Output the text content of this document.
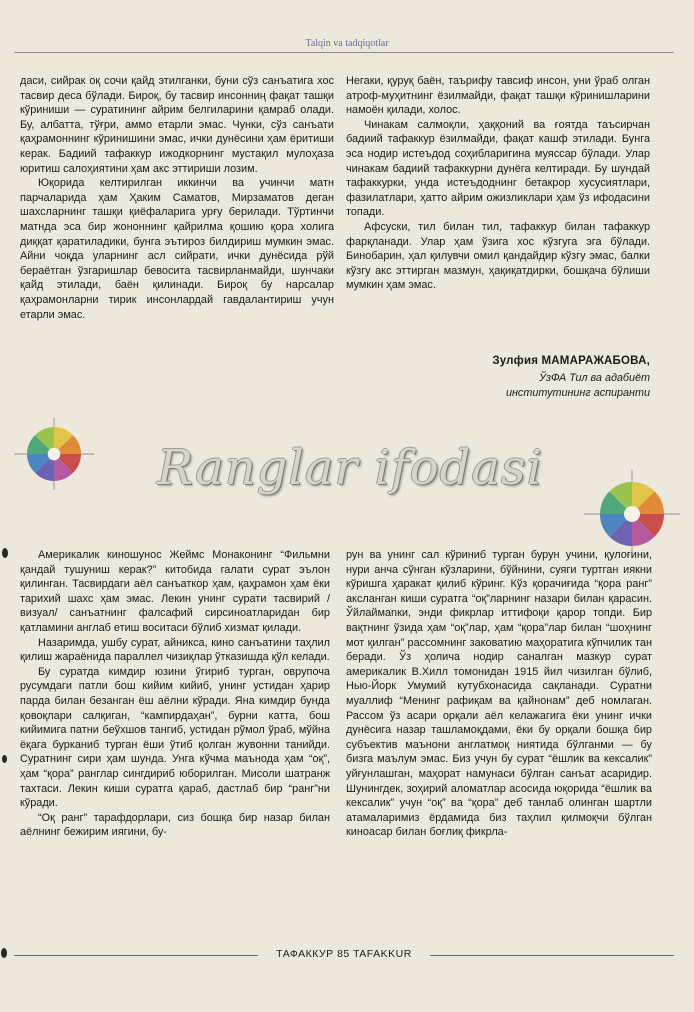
Talqin va tadqiqotlar

даси, сийрак оқ сочи қайд этилганки, буни сўз санъатига хос тасвир деса бўлади. Бироқ, бу тасвир инсонниң фақат ташқи кўриниши — суратининг айрим белгиларини қамраб олади. Бу, албатта, тўғри, аммо етарли эмас. Чунки, сўз санъати қаҳрамоннинг кўринишини эмас, ички дунёсини ҳам ёритиши керак. Бадиий тафаккур ижодкорнинг мустақил мулоҳаза юритиш салоҳиятини ҳам акс эттириши лозим.

Юқорида келтирилган иккинчи ва учинчи матн парчаларида ҳам Ҳаким Саматов, Мирзаматов деган шахсларнинг ташқи қиёфаларига урғу берилади. Тўртинчи матнда эса бир жононнинг қайрилма қошию қора холига диққат қаратиладики, бунга эътироз билдириш мумкин эмас. Айни чоқда уларнинг асл сийрати, ички дунёсида рўй бераётган ўзгаришлар бевосита тасвирланмайди, шунчаки қайд этилади, баён қилинади. Бироқ бу нарсалар қаҳрамонларни тирик инсонлардай гавдалантириш учун етарли эмас.

Негаки, қуруқ баён, таърифу тавсиф инсон, уни ўраб олган атроф-муҳитнинг ёзилмайди, фақат ташқи кўринишларини намоён қилади, холос.

Чинакам салмоқли, ҳаққоний ва ғоятда таъсирчан бадиий тафаккур ёзилмайди, фақат кашф этилади. Бунга эса нодир истеъдод соҳибларигина муяссар бўлади. Улар чинакам бадиий тафаккурни дунёга келтиради. Бу шундай тафаккурки, унда истеъдоднинг бетакрор хусусиятлари, фазилатлари, ҳатто айрим ожизликлари ҳам ўз ифодасини топади.

Афсуски, тил билан тил, тафаккур билан тафаккур фарқланади. Улар ҳам ўзига хос кўзгуга эга бўлади. Бинобарин, ҳал қилувчи омил қандайдир кўзгу эмас, балки кўзгу акс эттирган мазмун, ҳақиқатдирки, бошқача бўлиши мумкин ҳам эмас.

Зулфия МАМАРАЖАБОВА,
ЎзФА Тил ва адабиёт
институтининг аспиранти
Ranglar ifodasi

Америкалик киношунос Жеймс Монаконинг “Фильмни қандай тушуниш керак?” китобида галати сурат эълон қилинган. Тасвирдаги аёл санъаткор ҳам, қаҳрамон ҳам ёки тарихий шахс ҳам эмас. Лекин унинг сурати тасвирий /визуал/ санъатнинг фалсафий сирсиноатларидан бир қатламини англаб етиш воситаси бўлиб хизмат қилади.

Назаримда, ушбу сурат, айникса, кино санъатини таҳлил қилиш жараёнида параллел чизиқлар ўтказишда қўл келади.

Бу суратда кимдир юзини ўгириб турган, оврупоча русумдаги патли бош кийим кийиб, унинг устидан ҳарир парда билан безанган ёш аёлни кўради. Яна кимдир бунда қовоқлари салқиган, “кампирдаҳан”, бурни катта, бош кийимига патни беўхшов тангиб, устидан рўмол ўраб, мўйна ёқага бурканиб турган ёши ўтиб қолган жувонни танийди. Суратнинг сири ҳам шунда. Унга кўчма маънода ҳам “оқ”, ҳам “қора” ранглар сингдириб юборилган. Мисоли шатранж тахтаси. Лекин киши суратга қараб, дастлаб бир “ранг”ни кўради.

“Оқ ранг” тарафдорлари, сиз бошқа бир назар билан аёлнинг бежирим иягини, бу-

рун ва унинг сал кўриниб турган бурун учини, қулоғини, нури анча сўнган кўзларини, бўйнини, суяги туртган иякни кўришга ҳаракат қилиб кўринг. Кўз қорачиғида “қора ранг” аксланган киши суратга “оқ”ларнинг назари билан қарасин. Ўйлаймanки, энди фикрлар иттифоқи қарор топди. Бир вақтнинг ўзида ҳам “оқ”лар, ҳам “қора”лар билан “шоҳнинг мот қилган” рассомнинг заковатию маҳоратига кўпчилик тан беради. Ўз ҳолича нодир саналган мазкур сурат америкалик В.Хилл томонидан 1915 йил чизилган бўлиб, Нью-Йорк Умумий кутубхонасида сақланади. Суратни муаллиф “Менинг рафиқам ва қайнонам” деб номлаган. Рассом ўз асари орқали аёл келажагига ёки унинг ички дунёсига назар ташламоқдами, ёки бу орқали бошқа бир субъектив маънони англатмоқ ниятида бўлганми — бу бизга маълум эмас. Биз учун бу сурат “ёшлик ва кексалик” уйғунлашган, маҳорат намунаси бўлган санъат асаридир. Шунингдек, зоҳирий аломатлар асосида юқорида “ёшлик ва кексалик” учун “оқ” ва “қора” деб танлаб олинган шартли атамаларимиз ёрдамида биз таҳлил қилмоқчи бўлган киноасар билан боғлиқ фикрла-

ТАФАККУР 85 TAFAKKUR
